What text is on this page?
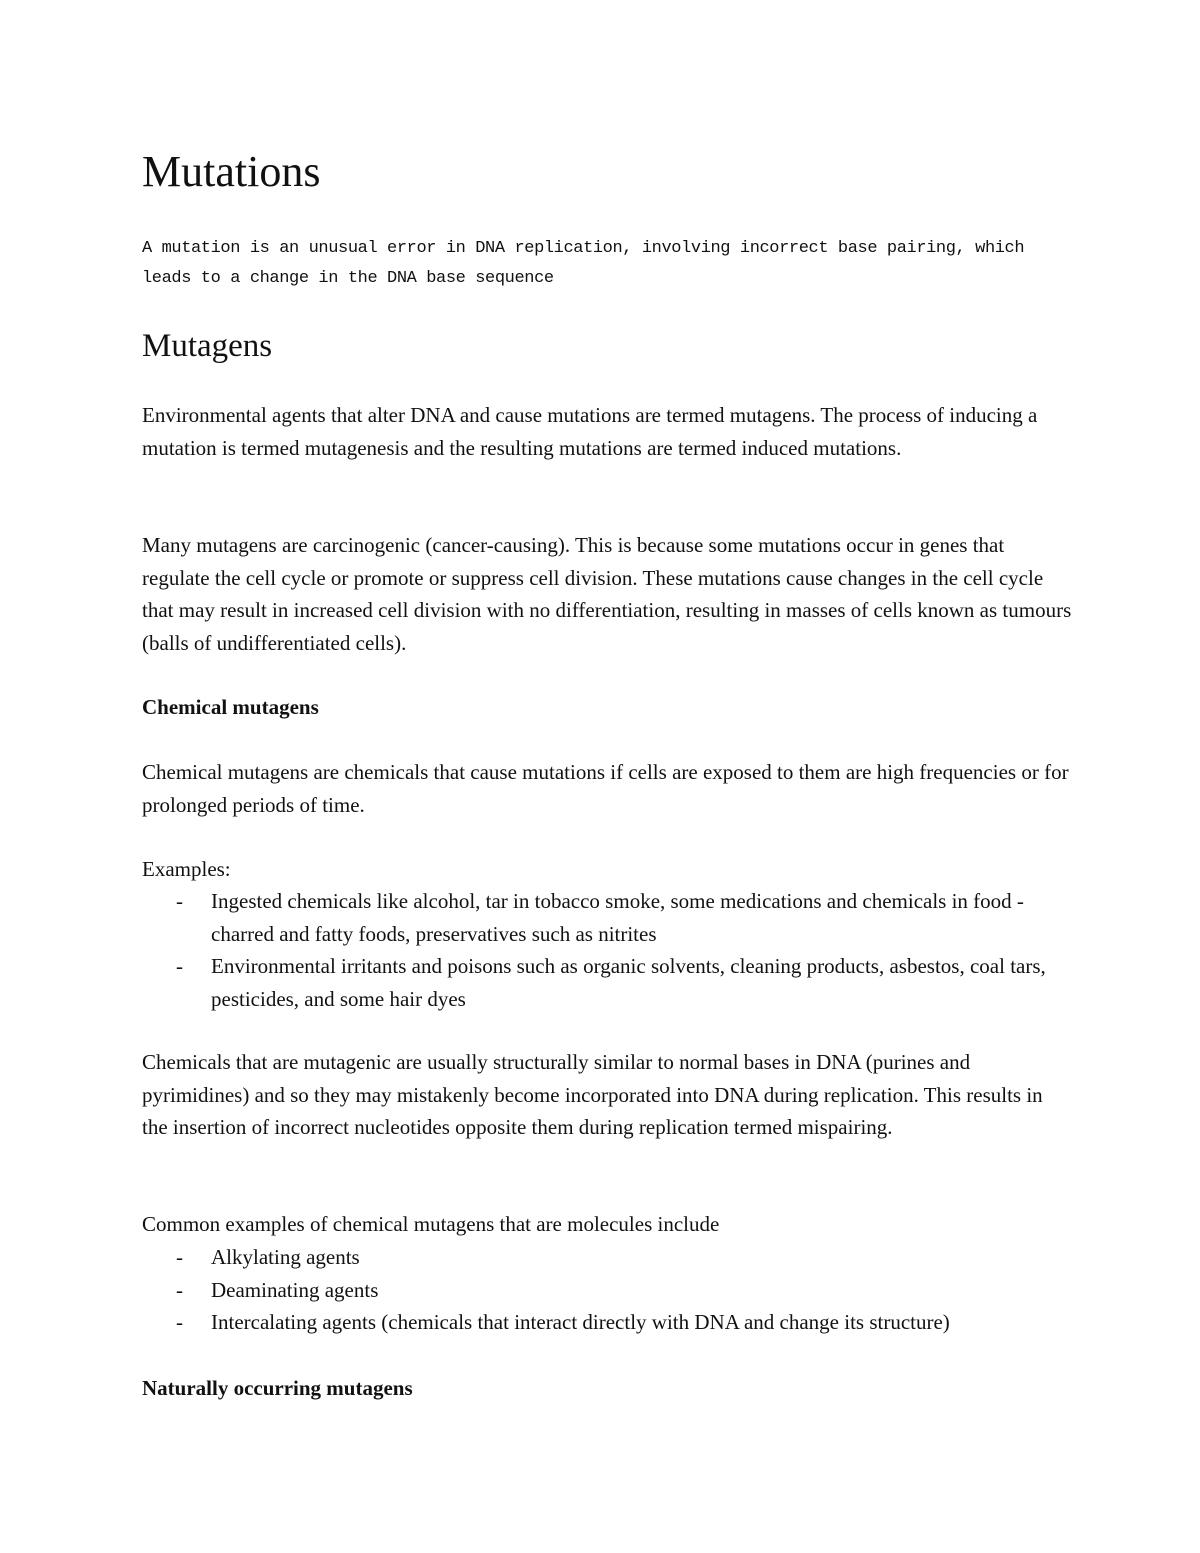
Mutations

A mutation is an unusual error in DNA replication, involving incorrect base pairing, which leads to a change in the DNA base sequence

Mutagens

Environmental agents that alter DNA and cause mutations are termed mutagens. The process of inducing a mutation is termed mutagenesis and the resulting mutations are termed induced mutations.

Many mutagens are carcinogenic (cancer-causing). This is because some mutations occur in genes that regulate the cell cycle or promote or suppress cell division. These mutations cause changes in the cell cycle that may result in increased cell division with no differentiation, resulting in masses of cells known as tumours (balls of undifferentiated cells).

Chemical mutagens

Chemical mutagens are chemicals that cause mutations if cells are exposed to them are high frequencies or for prolonged periods of time.

Examples:

- Ingested chemicals like alcohol, tar in tobacco smoke, some medications and chemicals in food - charred and fatty foods, preservatives such as nitrites
- Environmental irritants and poisons such as organic solvents, cleaning products, asbestos, coal tars, pesticides, and some hair dyes

Chemicals that are mutagenic are usually structurally similar to normal bases in DNA (purines and pyrimidines) and so they may mistakenly become incorporated into DNA during replication. This results in the insertion of incorrect nucleotides opposite them during replication termed mispairing.

Common examples of chemical mutagens that are molecules include

- Alkylating agents
- Deaminating agents
- Intercalating agents (chemicals that interact directly with DNA and change its structure)

Naturally occurring mutagens
